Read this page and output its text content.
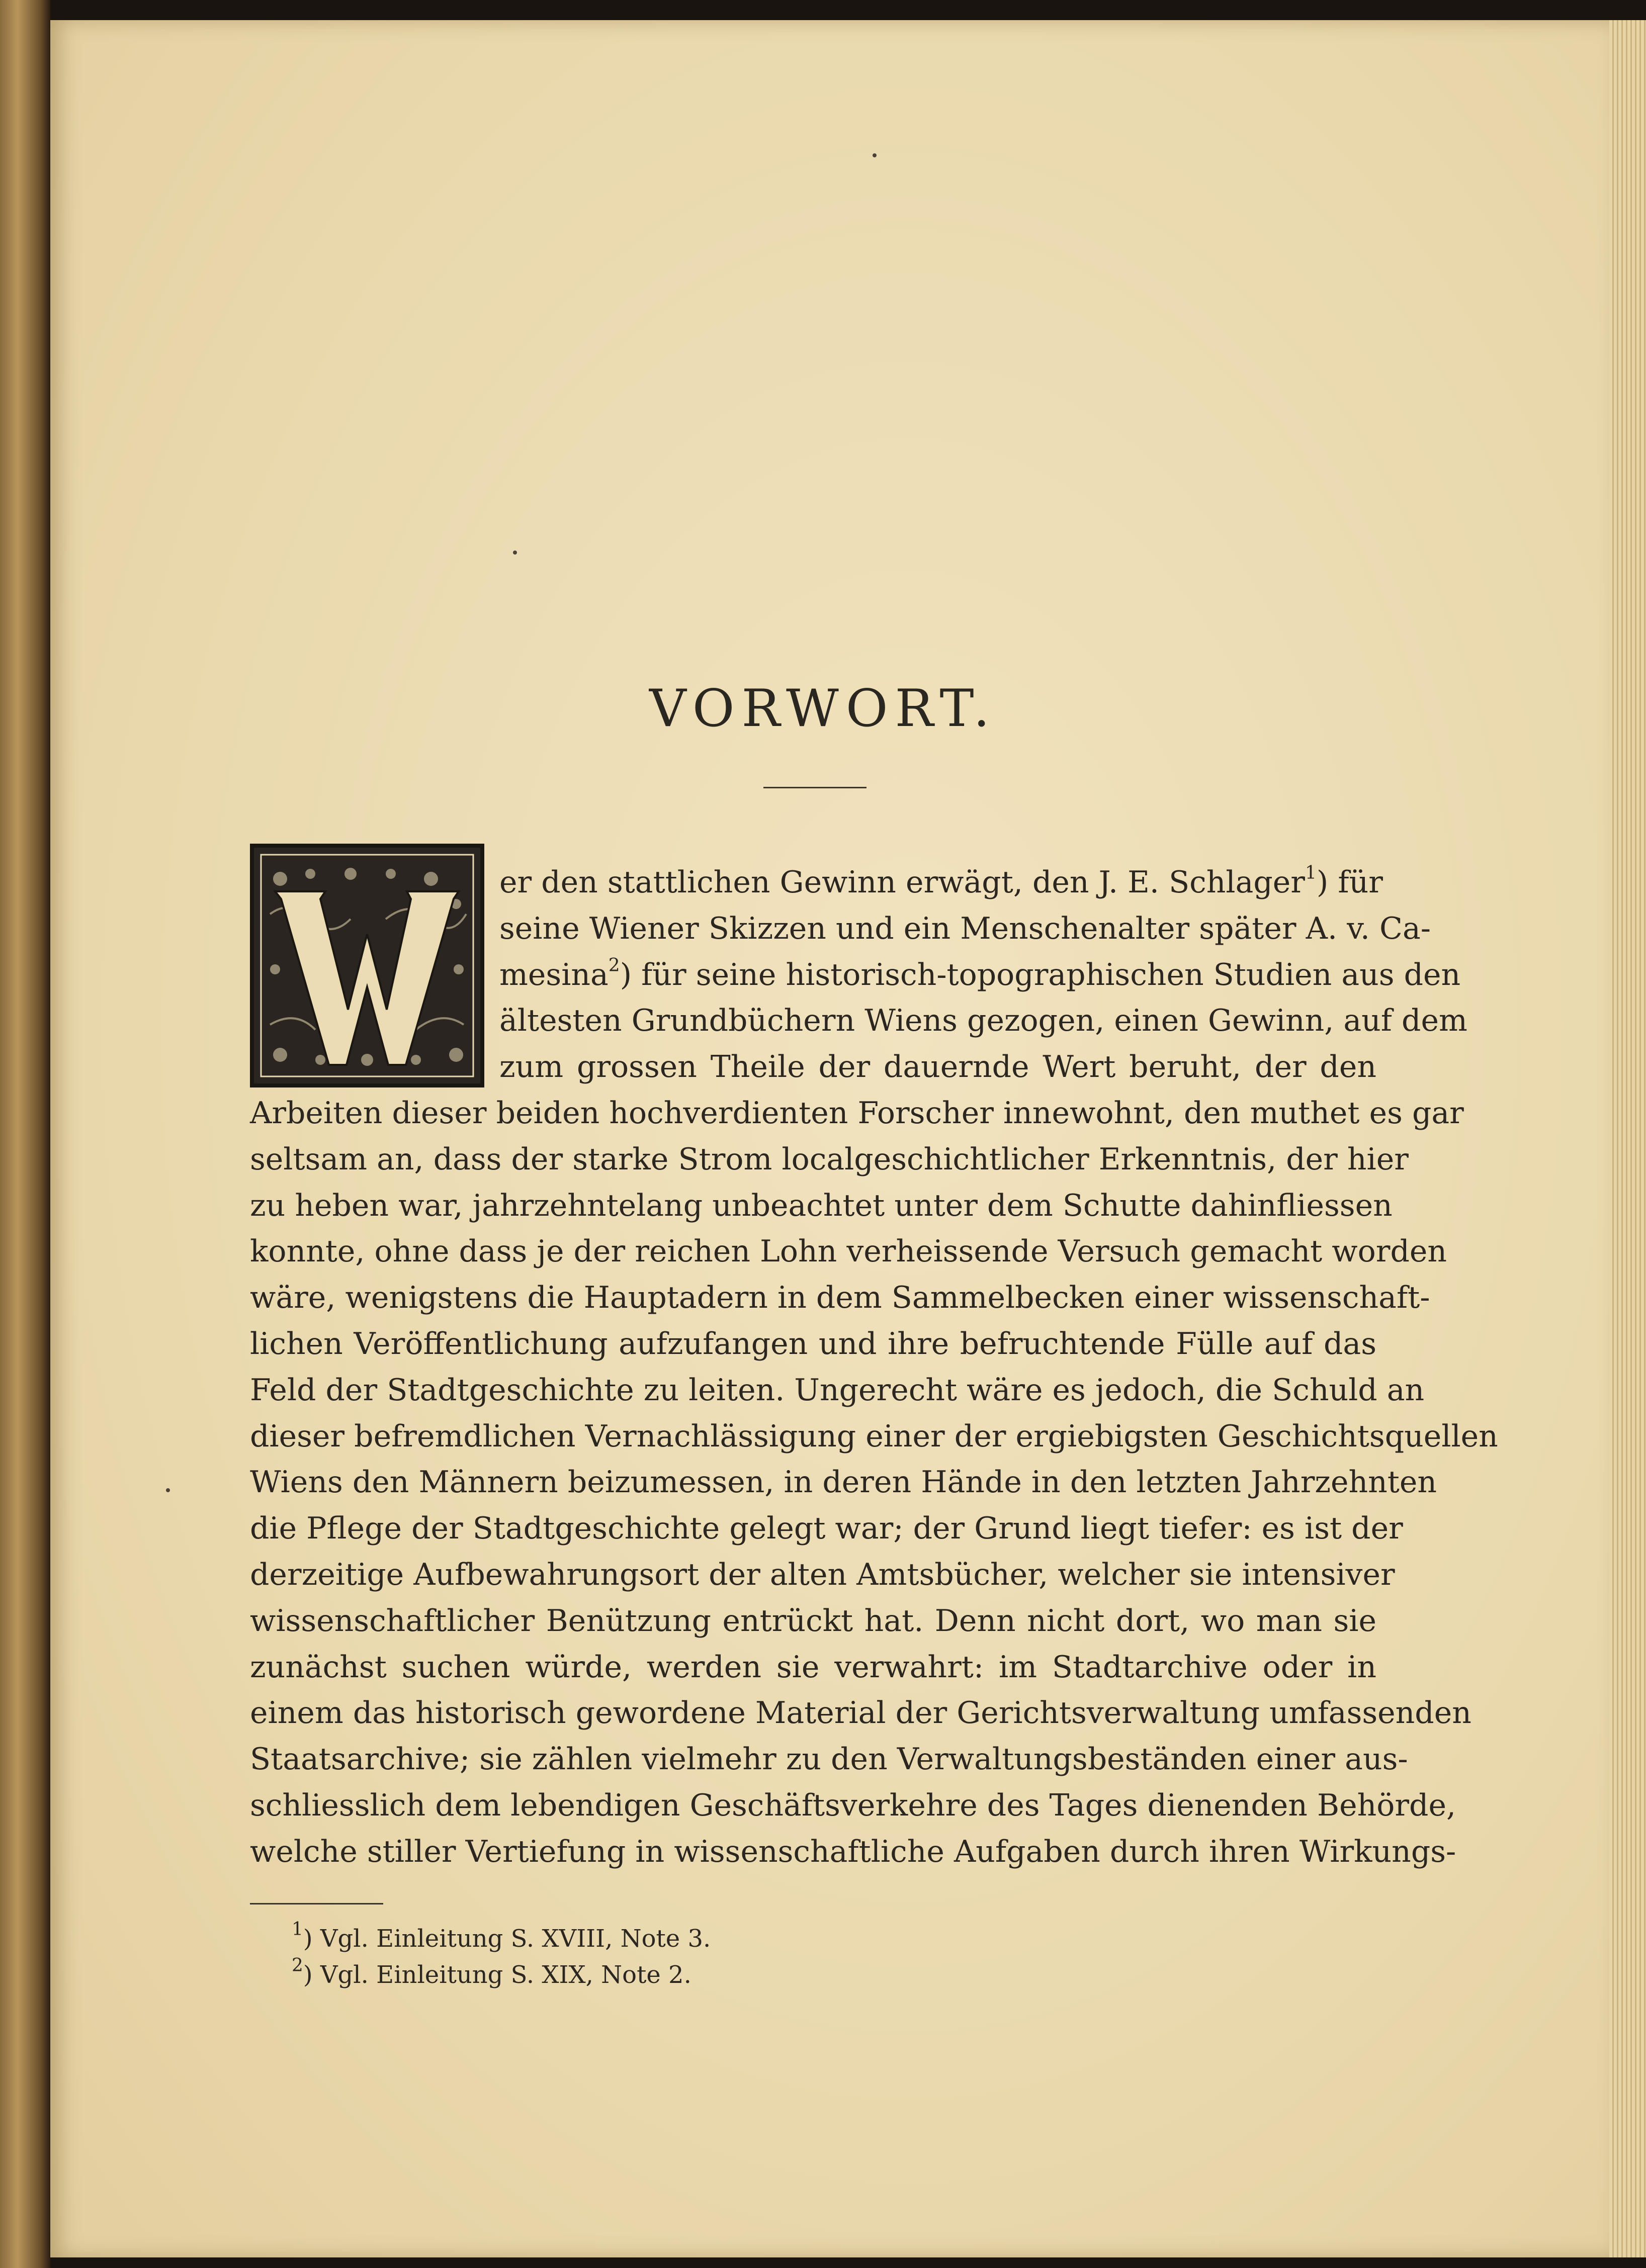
VORWORT.
er den stattlichen Gewinn erwägt, den J. E. Schlager$^1$) für
seine Wiener Skizzen und ein Menschenalter später A. v. Ca-
mesina$^2$) für seine historisch-topographischen Studien aus den
ältesten Grundbüchern Wiens gezogen, einen Gewinn, auf dem
zum grossen Theile der dauernde Wert beruht, der den
Arbeiten dieser beiden hochverdienten Forscher innewohnt, den muthet es gar
seltsam an, dass der starke Strom localgeschichtlicher Erkenntnis, der hier
zu heben war, jahrzehntelang unbeachtet unter dem Schutte dahinfliessen
konnte, ohne dass je der reichen Lohn verheissende Versuch gemacht worden
wäre, wenigstens die Hauptadern in dem Sammelbecken einer wissenschaft-
lichen Veröffentlichung aufzufangen und ihre befruchtende Fülle auf das
Feld der Stadtgeschichte zu leiten. Ungerecht wäre es jedoch, die Schuld an
dieser befremdlichen Vernachlässigung einer der ergiebigsten Geschichtsquellen
Wiens den Männern beizumessen, in deren Hände in den letzten Jahrzehnten
die Pflege der Stadtgeschichte gelegt war; der Grund liegt tiefer: es ist der
derzeitige Aufbewahrungsort der alten Amtsbücher, welcher sie intensiver
wissenschaftlicher Benützung entrückt hat. Denn nicht dort, wo man sie
zunächst suchen würde, werden sie verwahrt: im Stadtarchive oder in
einem das historisch gewordene Material der Gerichtsverwaltung umfassenden
Staatsarchive; sie zählen vielmehr zu den Verwaltungsbeständen einer aus-
schliesslich dem lebendigen Geschäftsverkehre des Tages dienenden Behörde,
welche stiller Vertiefung in wissenschaftliche Aufgaben durch ihren Wirkungs-
$^1$) Vgl. Einleitung S. XVIII, Note 3.
$^2$) Vgl. Einleitung S. XIX, Note 2.
